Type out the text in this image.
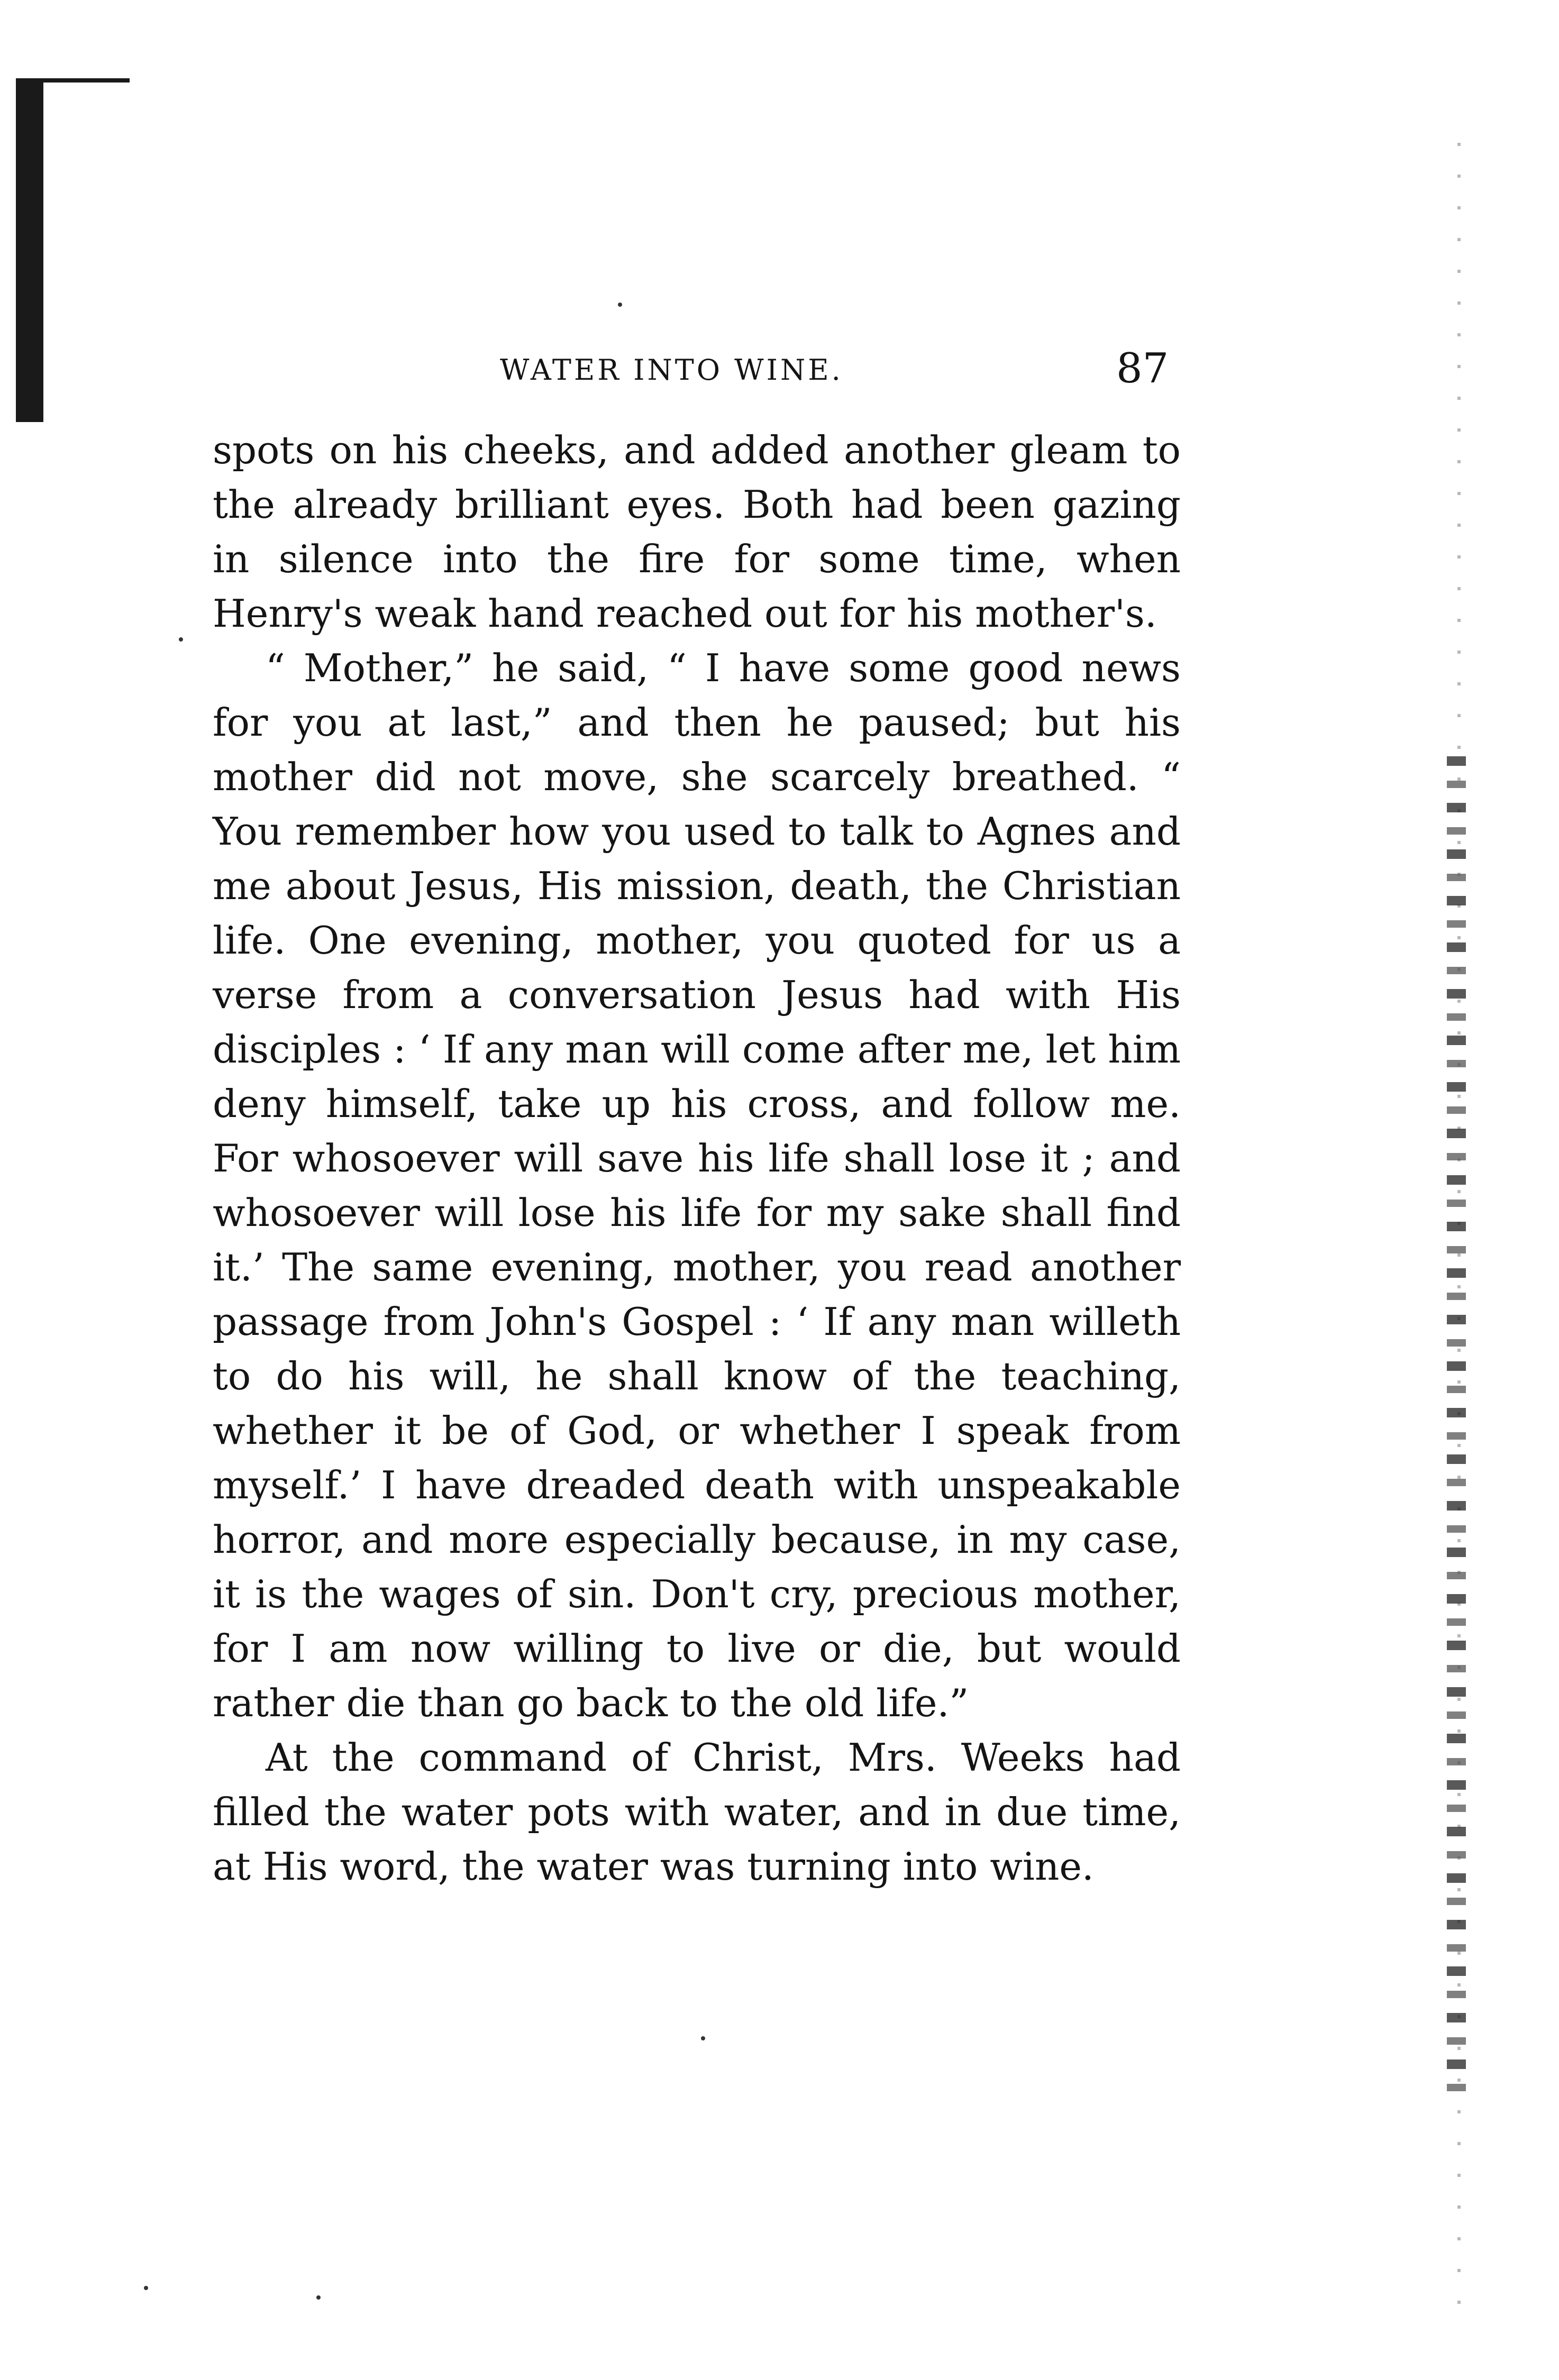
WATER INTO WINE.	87

spots on his cheeks, and added another gleam to the already brilliant eyes. Both had been gazing in silence into the fire for some time, when Henry's weak hand reached out for his mother's.

“ Mother,” he said, “ I have some good news for you at last,” and then he paused; but his mother did not move, she scarcely breathed. “ You remember how you used to talk to Agnes and me about Jesus, His mission, death, the Christian life. One evening, mother, you quoted for us a verse from a conversation Jesus had with His disciples : ‘ If any man will come after me, let him deny himself, take up his cross, and follow me. For whosoever will save his life shall lose it ; and whosoever will lose his life for my sake shall find it.’ The same evening, mother, you read another passage from John's Gospel : ‘ If any man willeth to do his will, he shall know of the teaching, whether it be of God, or whether I speak from myself.’ I have dreaded death with unspeakable horror, and more especially because, in my case, it is the wages of sin. Don't cry, precious mother, for I am now willing to live or die, but would rather die than go back to the old life.”

At the command of Christ, Mrs. Weeks had filled the water pots with water, and in due time, at His word, the water was turning into wine.
